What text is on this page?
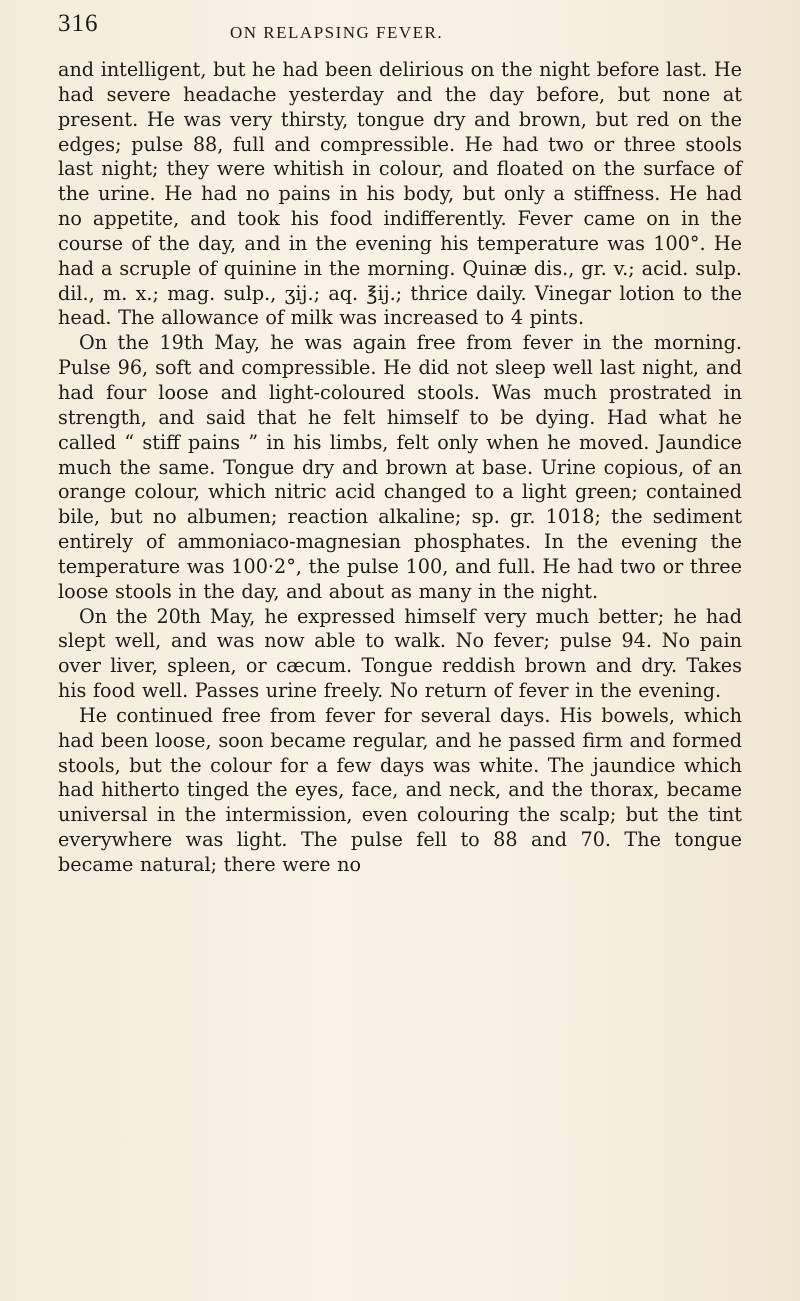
316	ON RELAPSING FEVER.

and intelligent, but he had been delirious on the night before last. He had severe headache yesterday and the day before, but none at present. He was very thirsty, tongue dry and brown, but red on the edges; pulse 88, full and compressible. He had two or three stools last night; they were whitish in colour, and floated on the surface of the urine. He had no pains in his body, but only a stiffness. He had no appetite, and took his food indifferently. Fever came on in the course of the day, and in the evening his temperature was 100°. He had a scruple of quinine in the morning. Quinæ dis., gr. v.; acid. sulp. dil., m. x.; mag. sulp., ʒij.; aq. ℥ij.; thrice daily. Vinegar lotion to the head. The allowance of milk was increased to 4 pints.

On the 19th May, he was again free from fever in the morning. Pulse 96, soft and compressible. He did not sleep well last night, and had four loose and light-coloured stools. Was much prostrated in strength, and said that he felt himself to be dying. Had what he called “ stiff pains ” in his limbs, felt only when he moved. Jaundice much the same. Tongue dry and brown at base. Urine copious, of an orange colour, which nitric acid changed to a light green; contained bile, but no albumen; reaction alkaline; sp. gr. 1018; the sediment entirely of ammoniaco-magnesian phosphates. In the evening the temperature was 100·2°, the pulse 100, and full. He had two or three loose stools in the day, and about as many in the night.

On the 20th May, he expressed himself very much better; he had slept well, and was now able to walk. No fever; pulse 94. No pain over liver, spleen, or cæcum. Tongue reddish brown and dry. Takes his food well. Passes urine freely. No return of fever in the evening.

He continued free from fever for several days. His bowels, which had been loose, soon became regular, and he passed firm and formed stools, but the colour for a few days was white. The jaundice which had hitherto tinged the eyes, face, and neck, and the thorax, became universal in the intermission, even colouring the scalp; but the tint everywhere was light. The pulse fell to 88 and 70. The tongue became natural; there were no
